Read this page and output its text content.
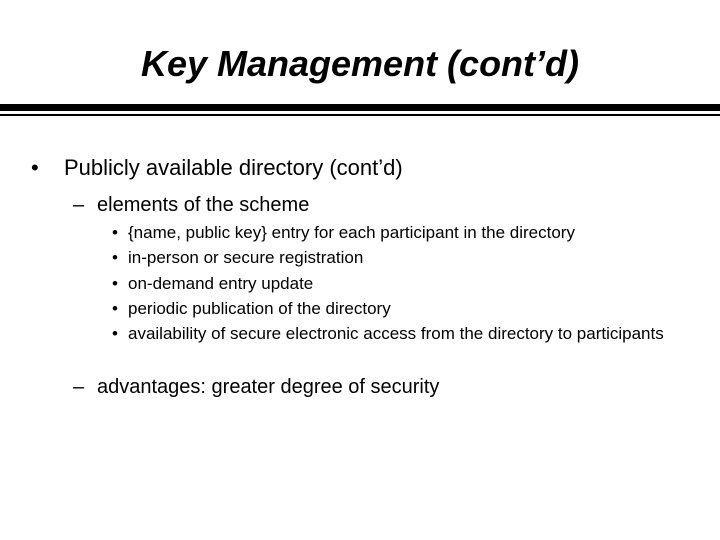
Key Management (cont’d)
• Publicly available directory (cont’d)
– elements of the scheme
• {name, public key} entry for each participant in the directory
• in-person or secure registration
• on-demand entry update
• periodic publication of the directory
• availability of secure electronic access from the directory to participants
– advantages: greater degree of security
